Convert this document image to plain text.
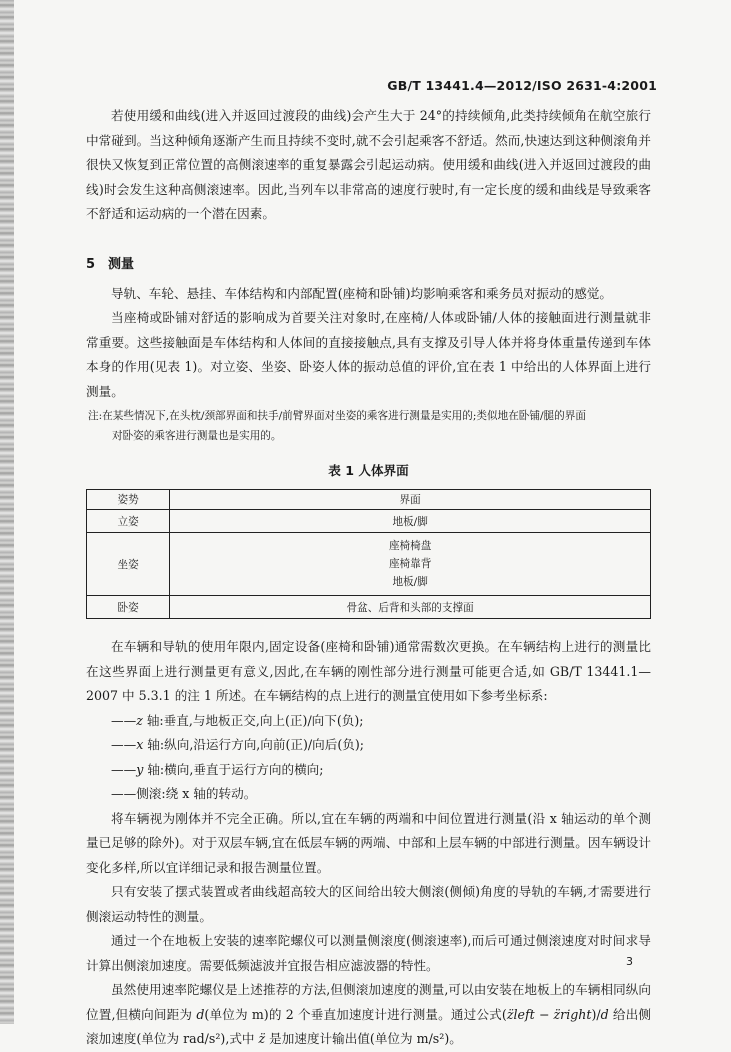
GB/T 13441.4—2012/ISO 2631-4:2001

若使用缓和曲线(进入并返回过渡段的曲线)会产生大于 24°的持续倾角,此类持续倾角在航空旅行中常碰到。当这种倾角逐渐产生而且持续不变时,就不会引起乘客不舒适。然而,快速达到这种侧滚角并很快又恢复到正常位置的高侧滚速率的重复暴露会引起运动病。使用缓和曲线(进入并返回过渡段的曲线)时会发生这种高侧滚速率。因此,当列车以非常高的速度行驶时,有一定长度的缓和曲线是导致乘客不舒适和运动病的一个潜在因素。

5 测量

导轨、车轮、悬挂、车体结构和内部配置(座椅和卧铺)均影响乘客和乘务员对振动的感觉。

当座椅或卧铺对舒适的影响成为首要关注对象时,在座椅/人体或卧铺/人体的接触面进行测量就非常重要。这些接触面是车体结构和人体间的直接接触点,具有支撑及引导人体并将身体重量传递到车体本身的作用(见表 1)。对立姿、坐姿、卧姿人体的振动总值的评价,宜在表 1 中给出的人体界面上进行测量。

注:在某些情况下,在头枕/颈部界面和扶手/前臂界面对坐姿的乘客进行测量是实用的;类似地在卧铺/腿的界面
对卧姿的乘客进行测量也是实用的。
表 1 人体界面
姿势	界面
立姿	地板/脚
坐姿	座椅椅盘
座椅靠背
地板/脚

卧姿	骨盆、后背和头部的支撑面

在车辆和导轨的使用年限内,固定设备(座椅和卧铺)通常需数次更换。在车辆结构上进行的测量比在这些界面上进行测量更有意义,因此,在车辆的刚性部分进行测量可能更合适,如 GB/T 13441.1—2007 中 5.3.1 的注 1 所述。在车辆结构的点上进行的测量宜使用如下参考坐标系:

——z 轴:垂直,与地板正交,向上(正)/向下(负);
——x 轴:纵向,沿运行方向,向前(正)/向后(负);
——y 轴:横向,垂直于运行方向的横向;
——侧滚:绕 x 轴的转动。

将车辆视为刚体并不完全正确。所以,宜在车辆的两端和中间位置进行测量(沿 x 轴运动的单个测量已足够的除外)。对于双层车辆,宜在低层车辆的两端、中部和上层车辆的中部进行测量。因车辆设计变化多样,所以宜详细记录和报告测量位置。

只有安装了摆式装置或者曲线超高较大的区间给出较大侧滚(侧倾)角度的导轨的车辆,才需要进行侧滚运动特性的测量。

通过一个在地板上安装的速率陀螺仪可以测量侧滚度(侧滚速率),而后可通过侧滚速度对时间求导计算出侧滚加速度。需要低频滤波并宜报告相应滤波器的特性。

虽然使用速率陀螺仪是上述推荐的方法,但侧滚加速度的测量,可以由安装在地板上的车辆相同纵向位置,但横向间距为 d(单位为 m)的 2 个垂直加速度计进行测量。通过公式(z̈left − z̈right)/d 给出侧滚加速度(单位为 rad/s²),式中 z̈ 是加速度计输出值(单位为 m/s²)。

3
